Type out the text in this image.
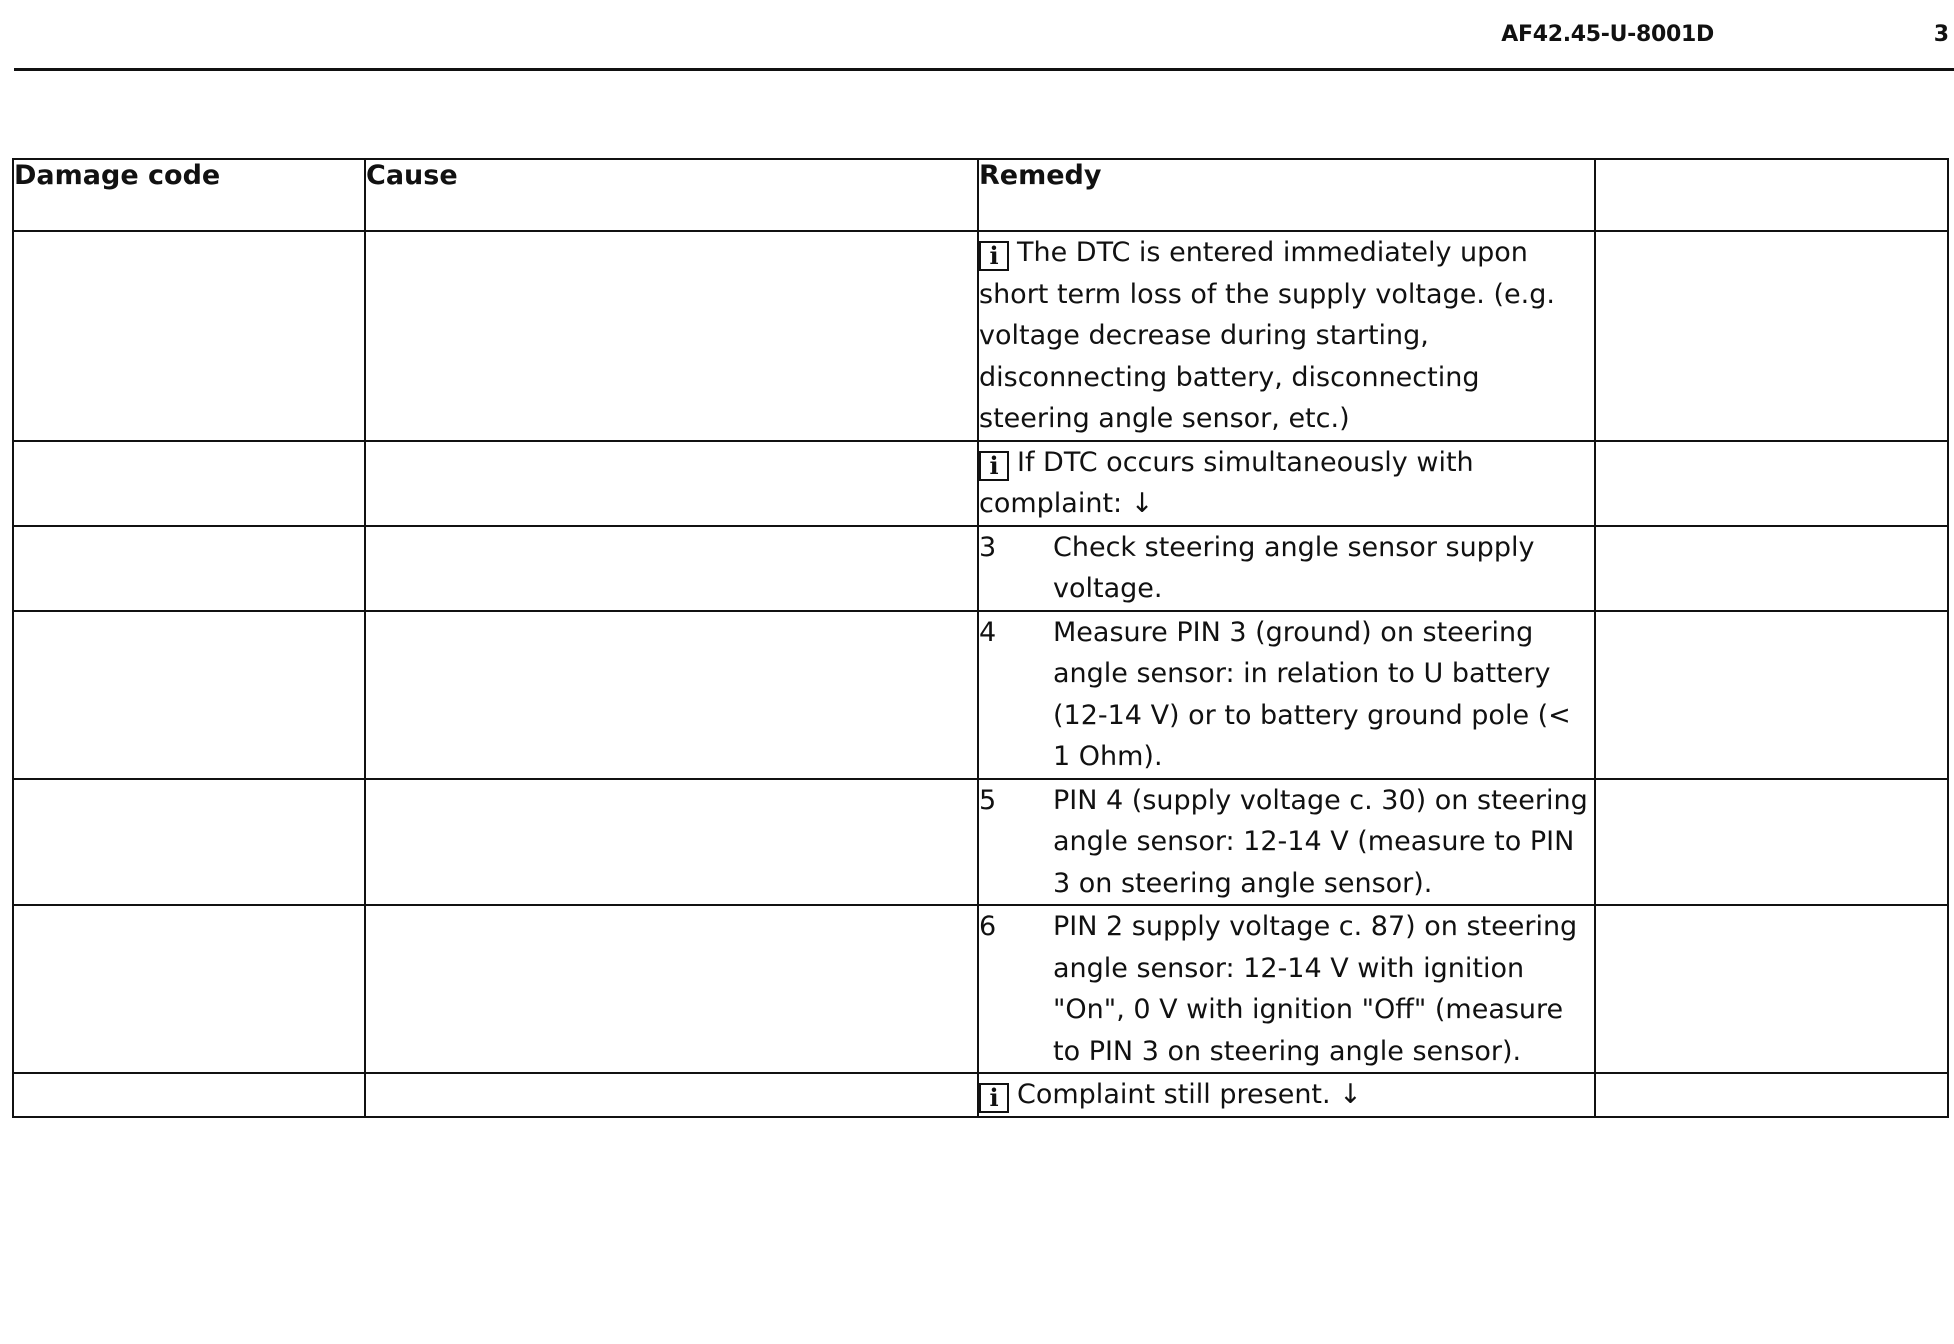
AF42.45-U-8001D	3
Damage code	Cause	Remedy	
		i The DTC is entered immediately upon short term loss of the supply voltage. (e.g. voltage decrease during starting, disconnecting battery, disconnecting steering angle sensor, etc.)	
		i If DTC occurs simultaneously with complaint: ↓	

		3 Check steering angle sensor supply voltage.	

		4 Measure PIN 3 (ground) on steering angle sensor: in relation to U battery (12-14 V) or to battery ground pole (< 1 Ohm).	

		5 PIN 4 (supply voltage c. 30) on steering angle sensor: 12-14 V (measure to PIN 3 on steering angle sensor).	

		6 PIN 2 supply voltage c. 87) on steering angle sensor: 12-14 V with ignition "On", 0 V with ignition "Off" (measure to PIN 3 on steering angle sensor).	

		i Complaint still present. ↓	
